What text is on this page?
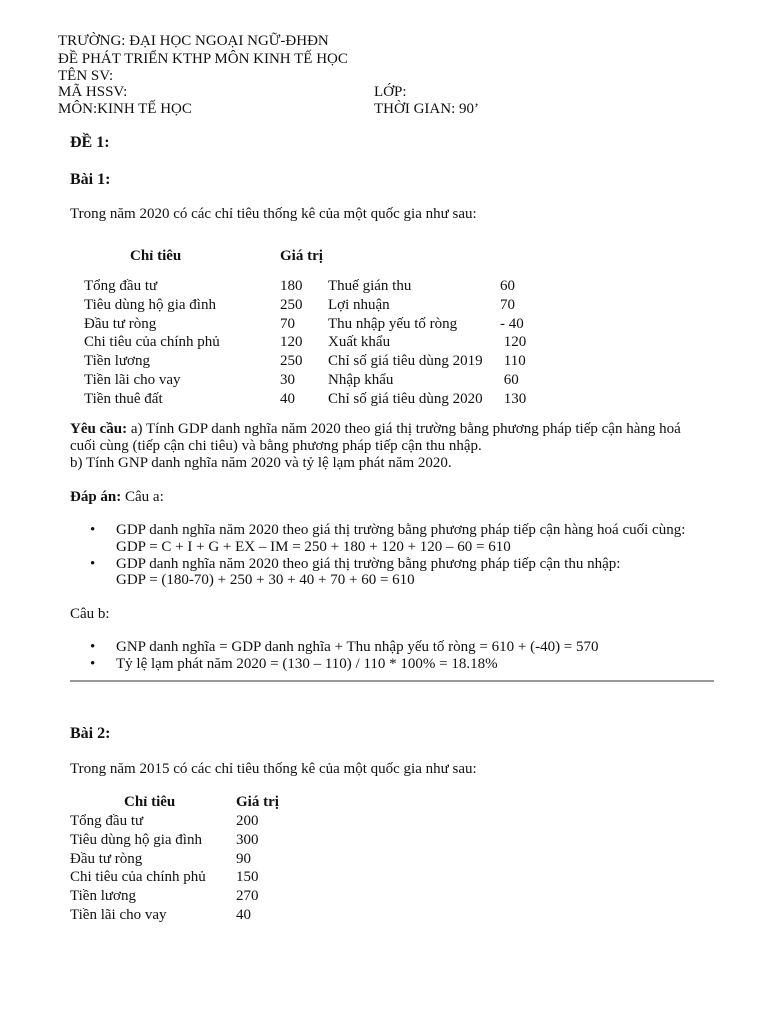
TRƯỜNG: ĐẠI HỌC NGOẠI NGỮ-ĐHĐN
ĐỀ PHÁT TRIỂN KTHP MÔN KINH TẾ HỌC
TÊN SV:
MÃ HSSV:	LỚP:
MÔN:KINH TẾ HỌC	THỜI GIAN: 90’
ĐỀ 1:
Bài 1:
Trong năm 2020 có các chỉ tiêu thống kê của một quốc gia như sau:
Chỉ tiêu	Giá trị		

Tổng đầu tư	180	Thuế gián thu	60
Tiêu dùng hộ gia đình	250	Lợi nhuận	70
Đầu tư ròng	70	Thu nhập yếu tố ròng	- 40
Chi tiêu của chính phủ	120	Xuất khẩu	120
Tiền lương	250	Chỉ số giá tiêu dùng 2019	110
Tiền lãi cho vay	30	Nhập khẩu	60
Tiền thuê đất	40	Chỉ số giá tiêu dùng 2020	130
Yêu cầu: a) Tính GDP danh nghĩa năm 2020 theo giá thị trường bằng phương pháp tiếp cận hàng hoá
cuối cùng (tiếp cận chi tiêu) và bằng phương pháp tiếp cận thu nhập.
b) Tính GNP danh nghĩa năm 2020 và tỷ lệ lạm phát năm 2020.
Đáp án: Câu a:
• GDP danh nghĩa năm 2020 theo giá thị trường bằng phương pháp tiếp cận hàng hoá cuối cùng:
GDP = C + I + G + EX – IM = 250 + 180 + 120 + 120 – 60 = 610
• GDP danh nghĩa năm 2020 theo giá thị trường bằng phương pháp tiếp cận thu nhập:
GDP = (180-70) + 250 + 30 + 40 + 70 + 60 = 610
Câu b:
• GNP danh nghĩa = GDP danh nghĩa + Thu nhập yếu tố ròng = 610 + (-40) = 570
• Tỷ lệ lạm phát năm 2020 = (130 – 110) / 110 * 100% = 18.18%
Bài 2:
Trong năm 2015 có các chỉ tiêu thống kê của một quốc gia như sau:
Chỉ tiêu	Giá trị
Tổng đầu tư	200
Tiêu dùng hộ gia đình	300
Đầu tư ròng	90
Chi tiêu của chính phủ	150
Tiền lương	270
Tiền lãi cho vay	40
